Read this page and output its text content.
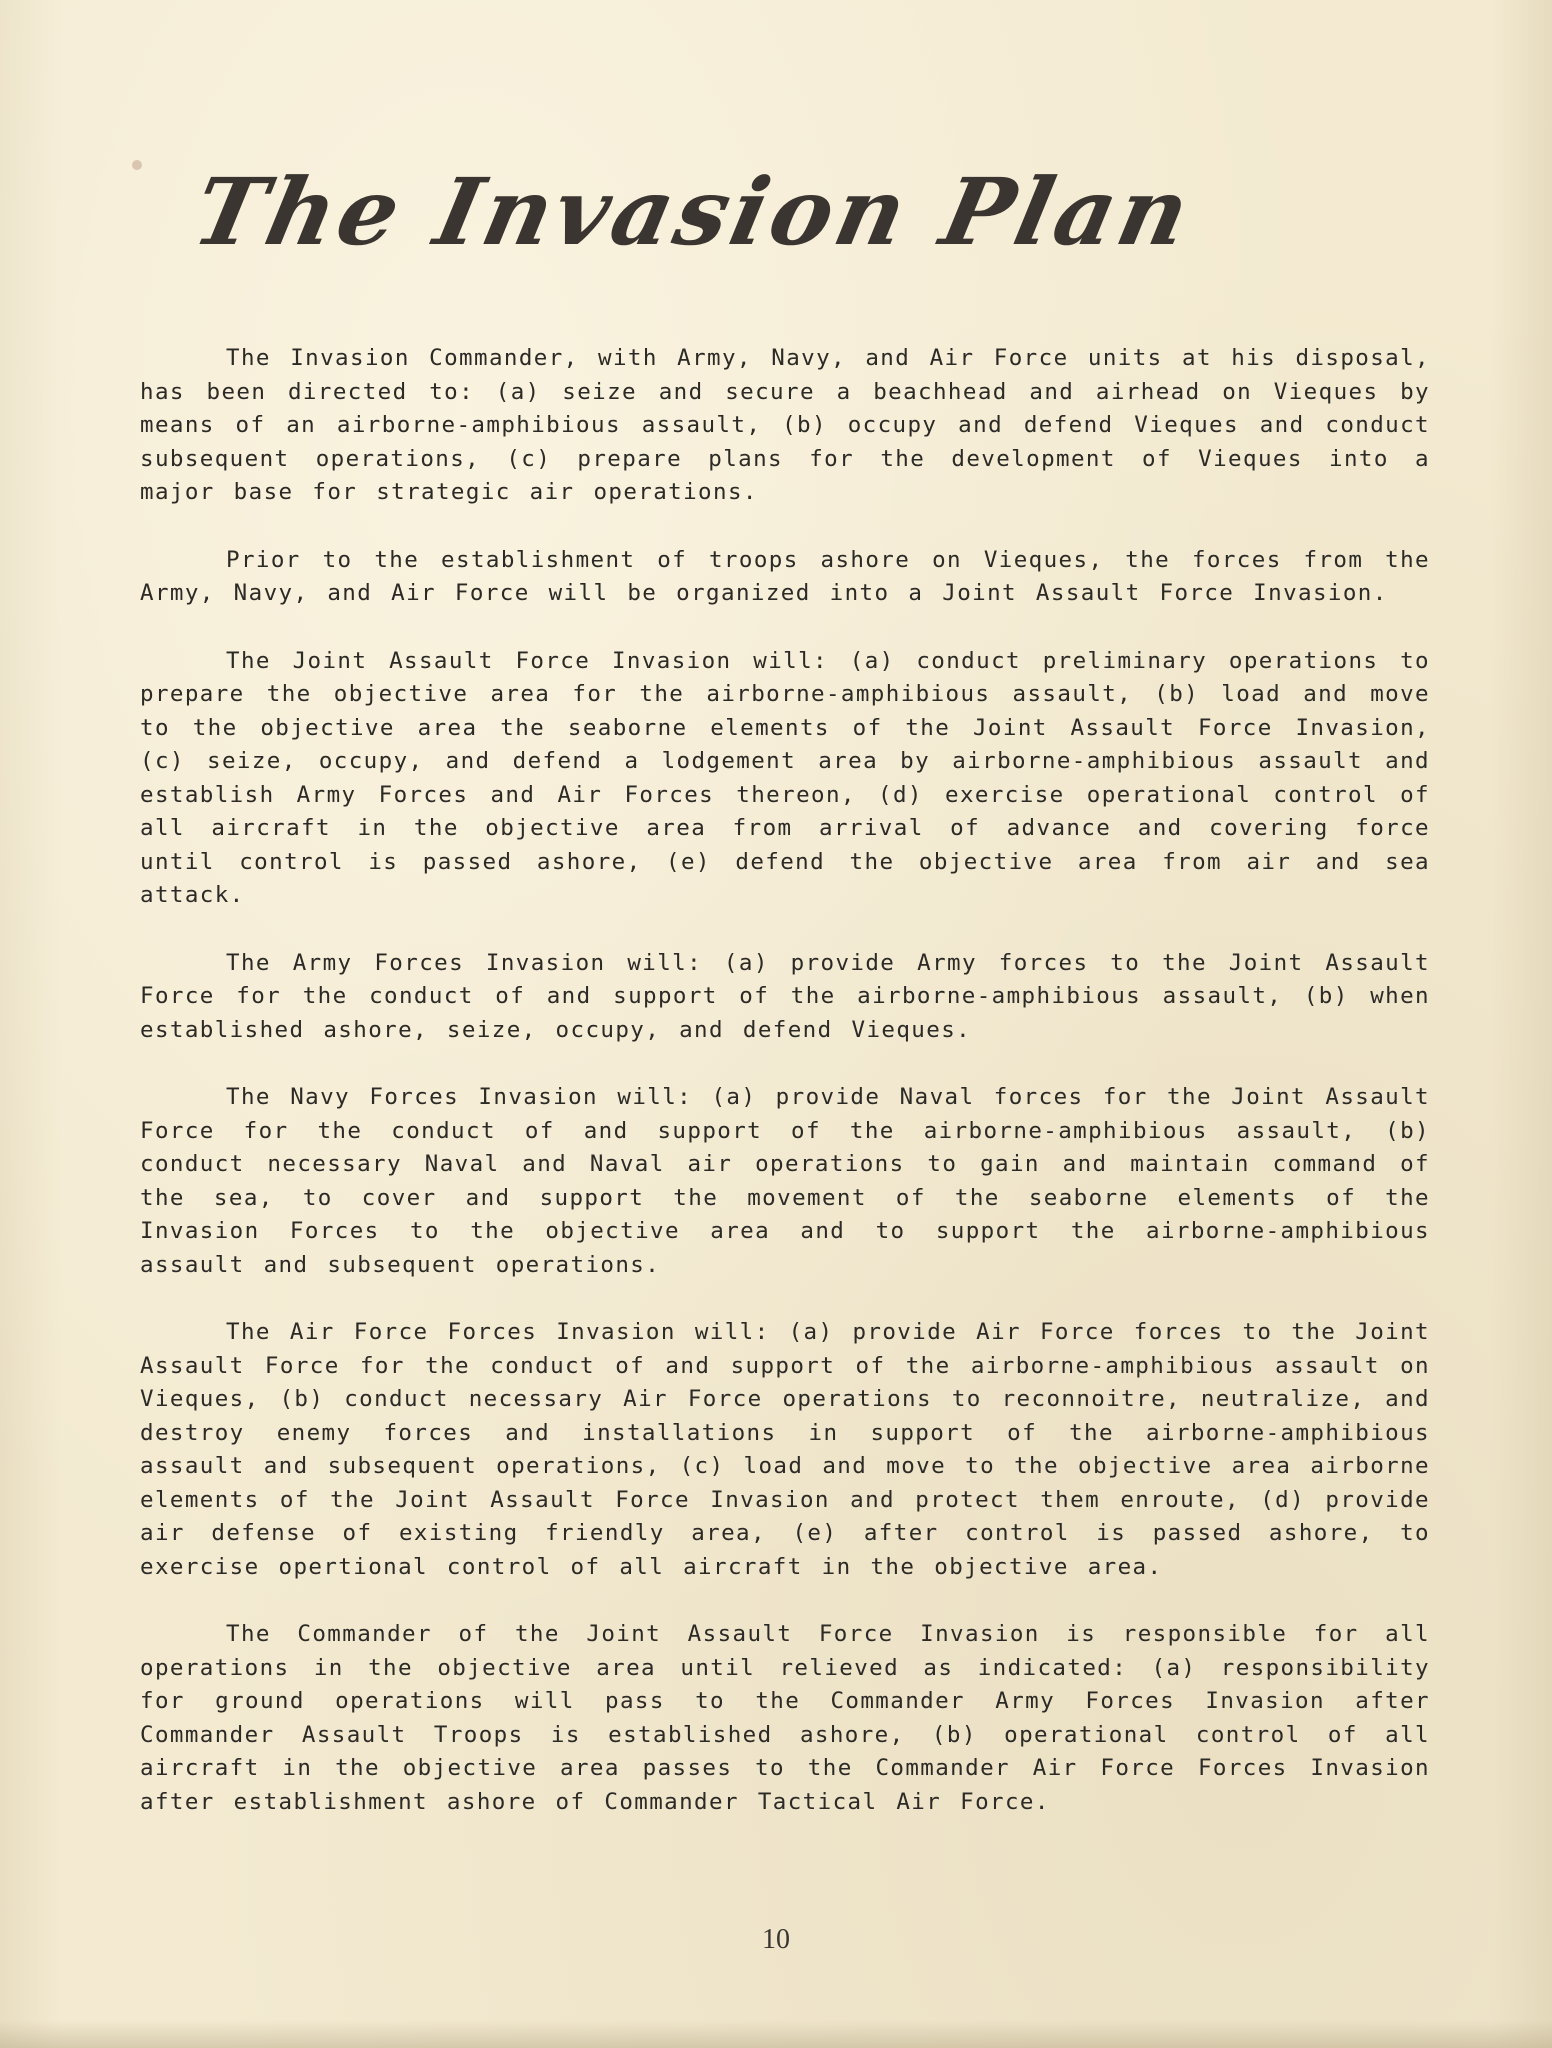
The Invasion Plan

The Invasion Commander, with Army, Navy, and Air Force units at his disposal, has been directed to: (a) seize and secure a beachhead and airhead on Vieques by means of an airborne-amphibious assault, (b) occupy and defend Vieques and conduct subsequent operations, (c) prepare plans for the development of Vieques into a major base for strategic air operations.

Prior to the establishment of troops ashore on Vieques, the forces from the Army, Navy, and Air Force will be organized into a Joint Assault Force Invasion.

The Joint Assault Force Invasion will: (a) conduct preliminary operations to prepare the objective area for the airborne-amphibious assault, (b) load and move to the objective area the seaborne elements of the Joint Assault Force Invasion, (c) seize, occupy, and defend a lodgement area by airborne-amphibious assault and establish Army Forces and Air Forces thereon, (d) exercise operational control of all aircraft in the objective area from arrival of advance and covering force until control is passed ashore, (e) defend the objective area from air and sea attack.

The Army Forces Invasion will: (a) provide Army forces to the Joint Assault Force for the conduct of and support of the airborne-amphibious assault, (b) when established ashore, seize, occupy, and defend Vieques.

The Navy Forces Invasion will: (a) provide Naval forces for the Joint Assault Force for the conduct of and support of the airborne-amphibious assault, (b) conduct necessary Naval and Naval air operations to gain and maintain command of the sea, to cover and support the movement of the seaborne elements of the Invasion Forces to the objective area and to support the airborne-amphibious assault and subsequent operations.

The Air Force Forces Invasion will: (a) provide Air Force forces to the Joint Assault Force for the conduct of and support of the airborne-amphibious assault on Vieques, (b) conduct necessary Air Force operations to reconnoitre, neutralize, and destroy enemy forces and installations in support of the airborne-amphibious assault and subsequent operations, (c) load and move to the objective area airborne elements of the Joint Assault Force Invasion and protect them enroute, (d) provide air defense of existing friendly area, (e) after control is passed ashore, to exercise opertional control of all aircraft in the objective area.

The Commander of the Joint Assault Force Invasion is responsible for all operations in the objective area until relieved as indicated: (a) responsibility for ground operations will pass to the Commander Army Forces Invasion after Commander Assault Troops is established ashore, (b) operational control of all aircraft in the objective area passes to the Commander Air Force Forces Invasion after establishment ashore of Commander Tactical Air Force.

10
